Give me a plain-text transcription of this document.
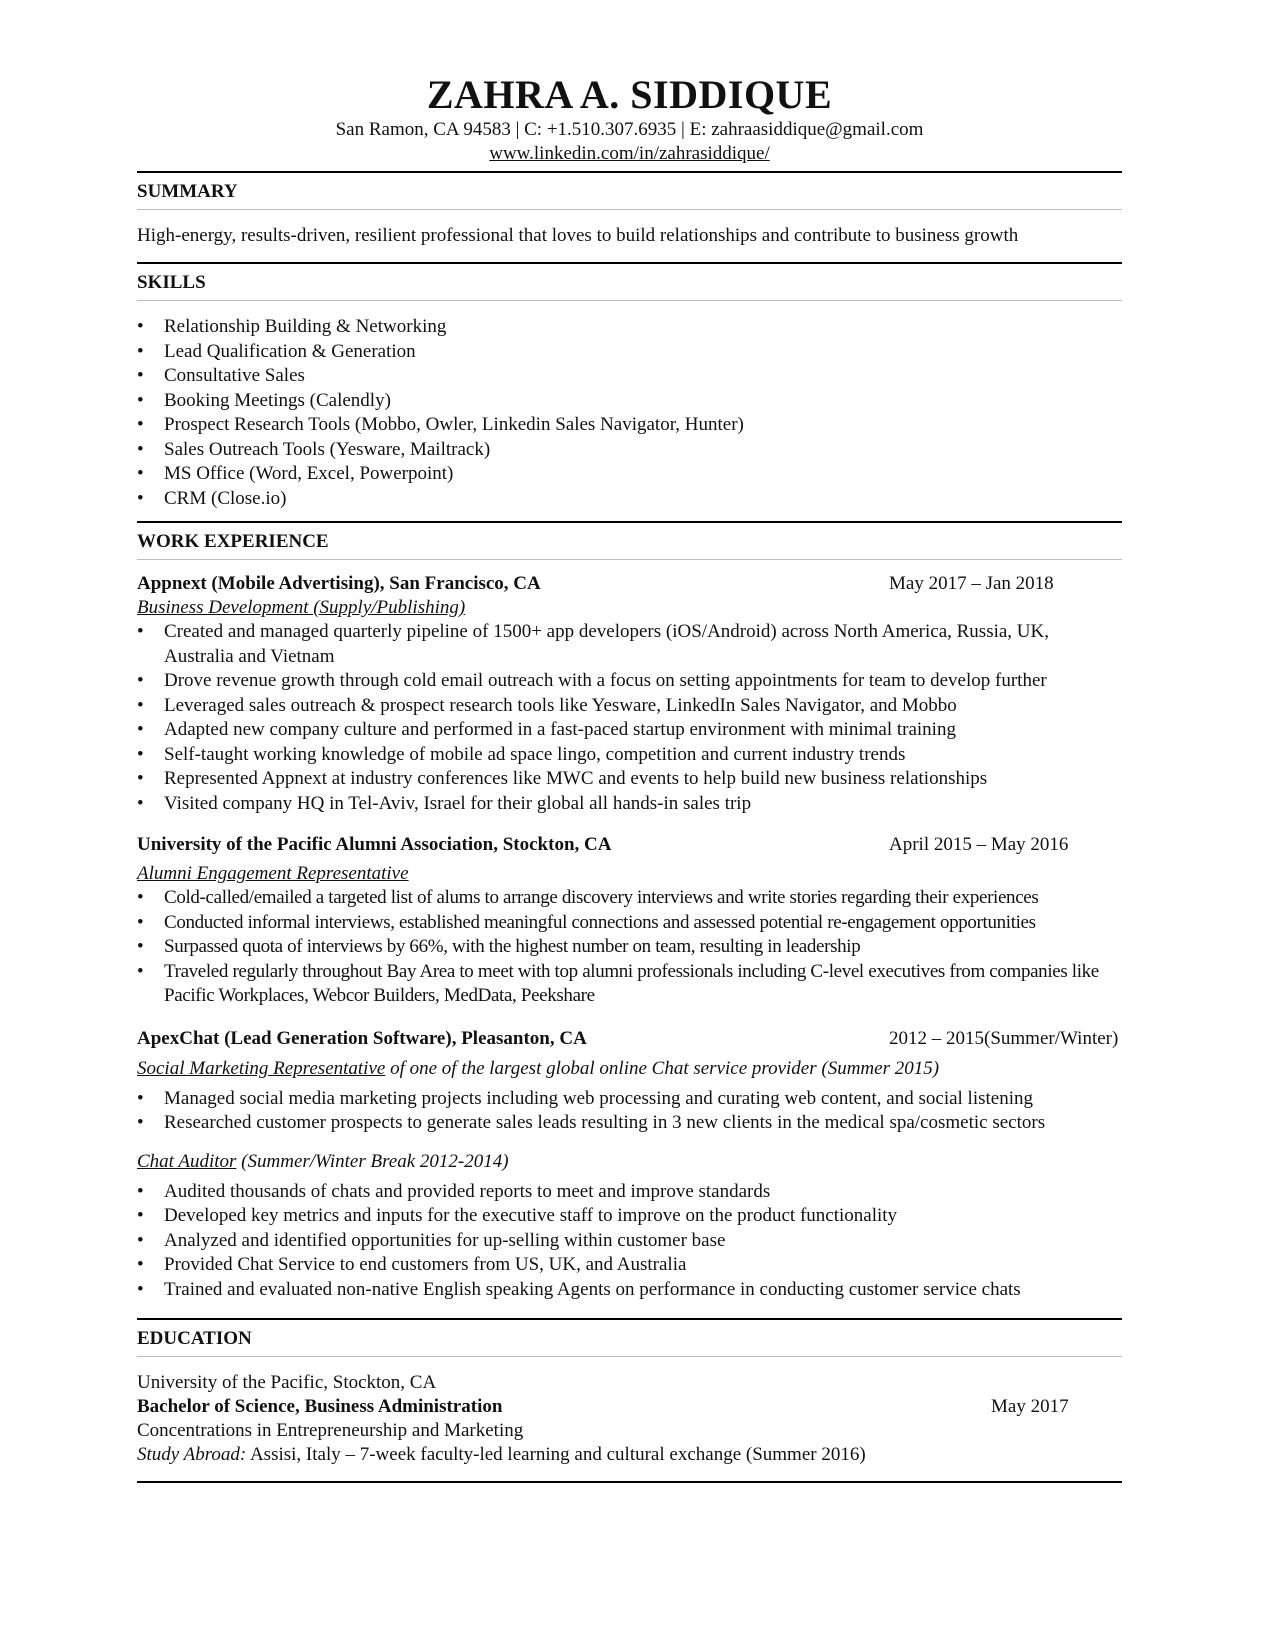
ZAHRA A. SIDDIQUE

San Ramon, CA 94583 | C: +1.510.307.6935 | E: zahraasiddique@gmail.com

www.linkedin.com/in/zahrasiddique/

SUMMARY

High-energy, results-driven, resilient professional that loves to build relationships and contribute to business growth

SKILLS
• Relationship Building & Networking
• Lead Qualification & Generation
• Consultative Sales
• Booking Meetings (Calendly)
• Prospect Research Tools (Mobbo, Owler, Linkedin Sales Navigator, Hunter)
• Sales Outreach Tools (Yesware, Mailtrack)
• MS Office (Word, Excel, Powerpoint)
• CRM (Close.io)
WORK EXPERIENCE
Appnext (Mobile Advertising), San Francisco, CA	May 2017 – Jan 2018
Business Development (Supply/Publishing)
• Created and managed quarterly pipeline of 1500+ app developers (iOS/Android) across North America, Russia, UK, Australia and Vietnam
• Drove revenue growth through cold email outreach with a focus on setting appointments for team to develop further
• Leveraged sales outreach & prospect research tools like Yesware, LinkedIn Sales Navigator, and Mobbo
• Adapted new company culture and performed in a fast-paced startup environment with minimal training
• Self-taught working knowledge of mobile ad space lingo, competition and current industry trends
• Represented Appnext at industry conferences like MWC and events to help build new business relationships
• Visited company HQ in Tel-Aviv, Israel for their global all hands-in sales trip
University of the Pacific Alumni Association, Stockton, CA	April 2015 – May 2016
Alumni Engagement Representative
• Cold-called/emailed a targeted list of alums to arrange discovery interviews and write stories regarding their experiences
• Conducted informal interviews, established meaningful connections and assessed potential re-engagement opportunities
• Surpassed quota of interviews by 66%, with the highest number on team, resulting in leadership
• Traveled regularly throughout Bay Area to meet with top alumni professionals including C-level executives from companies like Pacific Workplaces, Webcor Builders, MedData, Peekshare
ApexChat (Lead Generation Software), Pleasanton, CA	2012 – 2015(Summer/Winter)
Social Marketing Representative of one of the largest global online Chat service provider (Summer 2015)
• Managed social media marketing projects including web processing and curating web content, and social listening
• Researched customer prospects to generate sales leads resulting in 3 new clients in the medical spa/cosmetic sectors
Chat Auditor (Summer/Winter Break 2012-2014)
• Audited thousands of chats and provided reports to meet and improve standards
• Developed key metrics and inputs for the executive staff to improve on the product functionality
• Analyzed and identified opportunities for up-selling within customer base
• Provided Chat Service to end customers from US, UK, and Australia
• Trained and evaluated non-native English speaking Agents on performance in conducting customer service chats
EDUCATION
University of the Pacific, Stockton, CA
Bachelor of Science, Business Administration	May 2017
Concentrations in Entrepreneurship and Marketing
Study Abroad: Assisi, Italy – 7-week faculty-led learning and cultural exchange (Summer 2016)
